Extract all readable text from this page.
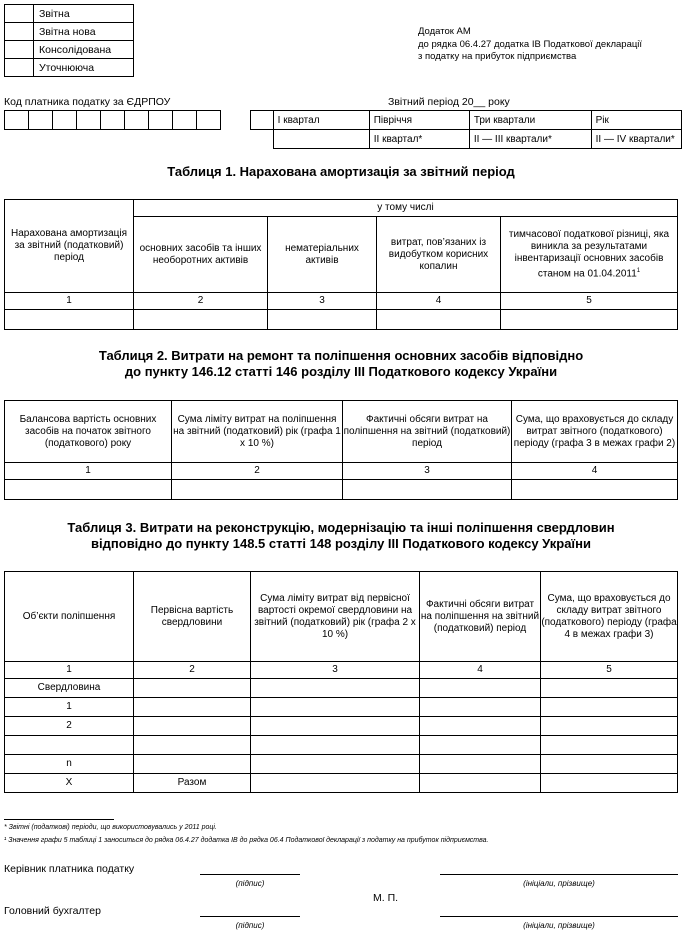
	Звітна
	Звітна нова
	Консолідована
	Уточнююча
Додаток АМ
до рядка 06.4.27 додатка IВ Податкової декларації
з податку на прибуток підприємства
Код платника податку за ЄДРПОУ
									Звітний період 20__ року
	I квартал	Півріччя	Три квартали	Рік
		II квартал*	II — III квартали*	II — IV квартали*
Таблиця 1. Нарахована амортизація за звітний період
Нарахована амортизація за звітний (податковий) період	у тому числі			
	основних засобів та інших необоротних активів	нематеріальних активів	витрат, пов’язаних із видобутком корисних копалин	тимчасової податкової різниці, яка виникла за результатами інвентаризації основних засобів станом на 01.04.2011$^1$
1	2	3	4	5

Таблиця 2. Витрати на ремонт та поліпшення основних засобів відповідно
до пункту 146.12 статті 146 розділу III Податкового кодексу України
Балансова вартість основних засобів на початок звітного (податкового) року	Сума ліміту витрат на поліпшення на звітний (податковий) рік (графа 1 х 10 %)	Фактичні обсяги витрат на поліпшення на звітний (податковий) період	Сума, що враховується до складу витрат звітного (податкового) періоду (графа 3 в межах графи 2)
1	2	3	4

Таблиця 3. Витрати на реконструкцію, модернізацію та інші поліпшення свердловин
відповідно до пункту 148.5 статті 148 розділу III Податкового кодексу України
Об’єкти поліпшення	Первісна вартість свердловини	Сума ліміту витрат від первісної вартості окремої свердловини на звітний (податковий) рік (графа 2 х 10 %)	Фактичні обсяги витрат на поліпшення на звітний (податковий) період	Сума, що враховується до складу витрат звітного (податкового) періоду (графа 4 в межах графи 3)
1	2	3	4	5
Свердловина				
1				
2				

n				
Х	Разом			
* Звітні (податкові) періоди, що використовувались у 2011 році.
¹ Значення графи 5 таблиці 1 заноситься до рядка 06.4.27 додатка IВ до рядка 06.4 Податкової декларації з податку на прибуток підприємства.
Керівник платника податку
(підпис)	(ініціали, прізвище)
М. П.
Головний бухгалтер
(підпис)	(ініціали, прізвище)
